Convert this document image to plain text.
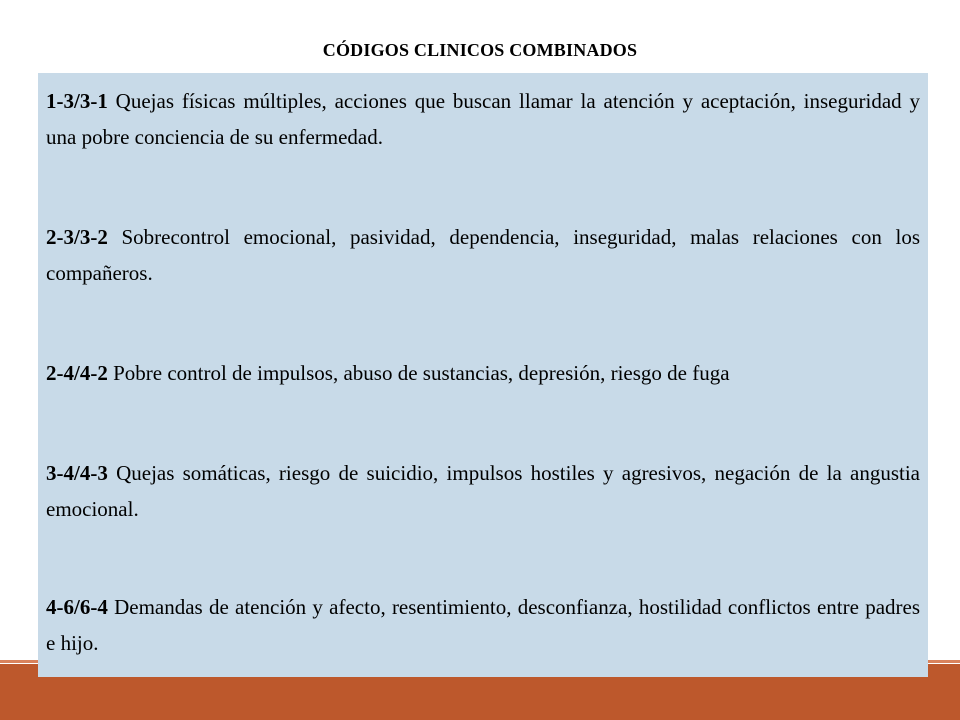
CÓDIGOS CLINICOS COMBINADOS
1-3/3-1 Quejas físicas múltiples, acciones que buscan llamar la atención y aceptación, inseguridad y una pobre conciencia de su enfermedad.
2-3/3-2 Sobrecontrol emocional, pasividad, dependencia, inseguridad, malas relaciones con los compañeros.
2-4/4-2 Pobre control de impulsos, abuso de sustancias, depresión, riesgo de fuga
3-4/4-3 Quejas somáticas, riesgo de suicidio, impulsos hostiles y agresivos, negación de la angustia emocional.
4-6/6-4 Demandas de atención y afecto, resentimiento, desconfianza, hostilidad conflictos entre padres e hijo.
